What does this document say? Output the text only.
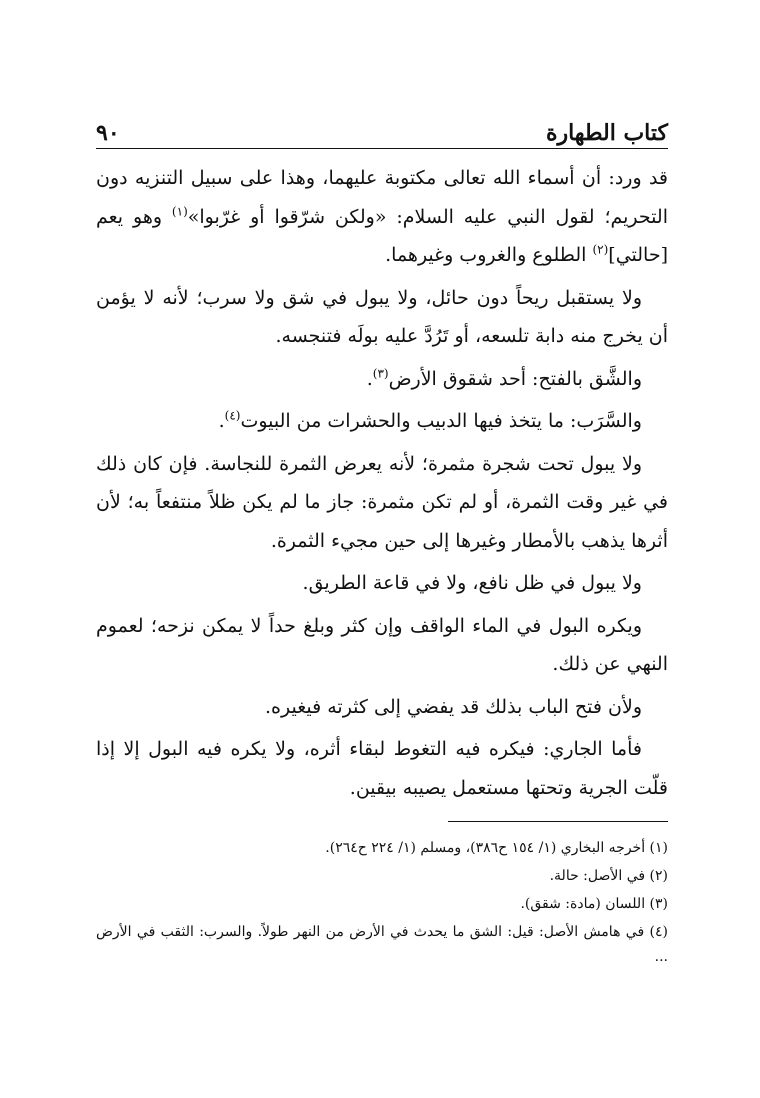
كتاب الطهارة
٩٠

قد ورد: أن أسماء الله تعالى مكتوبة عليهما، وهذا على سبيل التنزيه دون التحريم؛ لقول النبي عليه السلام: «ولكن شرّقوا أو غرّبوا»$^{(١)}$ وهو يعم [حالتي]$^{(٢)}$ الطلوع والغروب وغيرهما.

ولا يستقبل ريحاً دون حائل، ولا يبول في شق ولا سرب؛ لأنه لا يؤمن أن يخرج منه دابة تلسعه، أو تَرُدَّ عليه بولَه فتنجسه.

والشَّق بالفتح: أحد شقوق الأرض$^{(٣)}$.

والسَّرَب: ما يتخذ فيها الدبيب والحشرات من البيوت$^{(٤)}$.

ولا يبول تحت شجرة مثمرة؛ لأنه يعرض الثمرة للنجاسة. فإن كان ذلك في غير وقت الثمرة، أو لم تكن مثمرة: جاز ما لم يكن ظلاً منتفعاً به؛ لأن أثرها يذهب بالأمطار وغيرها إلى حين مجيء الثمرة.

ولا يبول في ظل نافع، ولا في قاعة الطريق.

ويكره البول في الماء الواقف وإن كثر وبلغ حداً لا يمكن نزحه؛ لعموم النهي عن ذلك.

ولأن فتح الباب بذلك قد يفضي إلى كثرته فيغيره.

فأما الجاري: فيكره فيه التغوط لبقاء أثره، ولا يكره فيه البول إلا إذا قلّت الجرية وتحتها مستعمل يصيبه بيقين.

(١) أخرجه البخاري (١/ ١٥٤ ح٣٨٦)، ومسلم (١/ ٢٢٤ ح٢٦٤).

(٢) في الأصل: حالة.

(٣) اللسان (مادة: شقق).

(٤) في هامش الأصل: قيل: الشق ما يحدث في الأرض من النهر طولاً. والسرب: الثقب في الأرض ...
